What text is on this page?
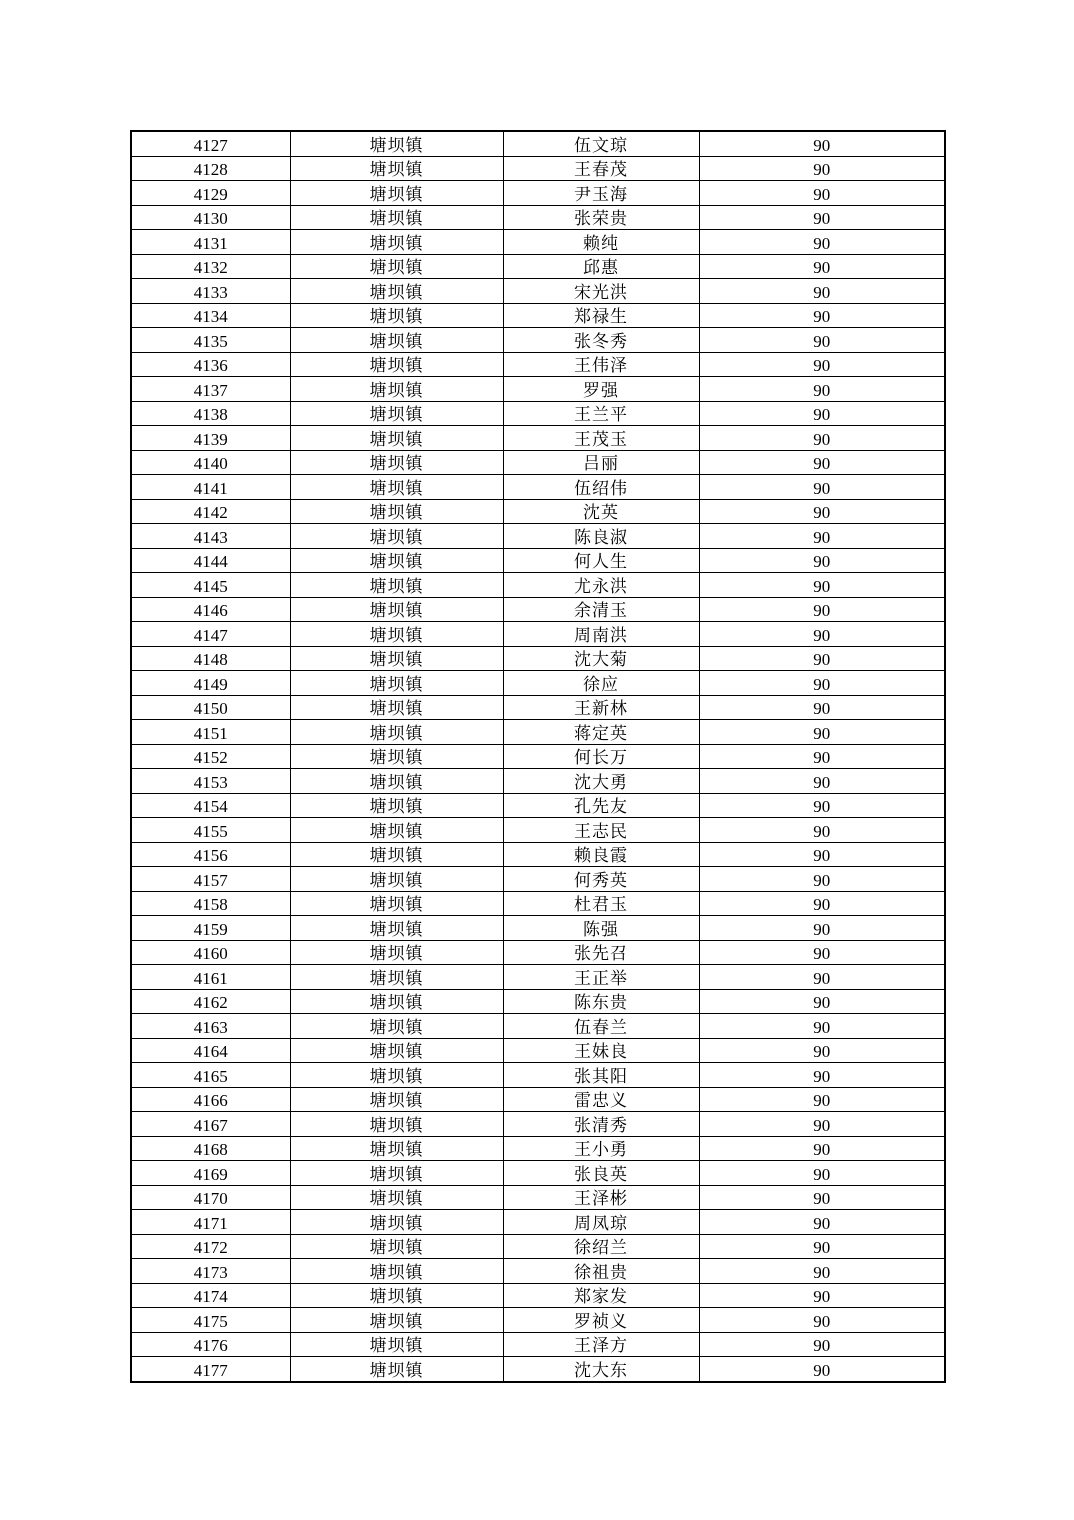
4127	塘坝镇	伍文琼	90
4128	塘坝镇	王春茂	90
4129	塘坝镇	尹玉海	90
4130	塘坝镇	张荣贵	90
4131	塘坝镇	赖纯	90
4132	塘坝镇	邱惠	90
4133	塘坝镇	宋光洪	90
4134	塘坝镇	郑禄生	90
4135	塘坝镇	张冬秀	90
4136	塘坝镇	王伟泽	90
4137	塘坝镇	罗强	90
4138	塘坝镇	王兰平	90
4139	塘坝镇	王茂玉	90
4140	塘坝镇	吕丽	90
4141	塘坝镇	伍绍伟	90
4142	塘坝镇	沈英	90
4143	塘坝镇	陈良淑	90
4144	塘坝镇	何人生	90
4145	塘坝镇	尤永洪	90
4146	塘坝镇	余清玉	90
4147	塘坝镇	周南洪	90
4148	塘坝镇	沈大菊	90
4149	塘坝镇	徐应	90
4150	塘坝镇	王新林	90
4151	塘坝镇	蒋定英	90
4152	塘坝镇	何长万	90
4153	塘坝镇	沈大勇	90
4154	塘坝镇	孔先友	90
4155	塘坝镇	王志民	90
4156	塘坝镇	赖良霞	90
4157	塘坝镇	何秀英	90
4158	塘坝镇	杜君玉	90
4159	塘坝镇	陈强	90
4160	塘坝镇	张先召	90
4161	塘坝镇	王正举	90
4162	塘坝镇	陈东贵	90
4163	塘坝镇	伍春兰	90
4164	塘坝镇	王妹良	90
4165	塘坝镇	张其阳	90
4166	塘坝镇	雷忠义	90
4167	塘坝镇	张清秀	90
4168	塘坝镇	王小勇	90
4169	塘坝镇	张良英	90
4170	塘坝镇	王泽彬	90
4171	塘坝镇	周凤琼	90
4172	塘坝镇	徐绍兰	90
4173	塘坝镇	徐祖贵	90
4174	塘坝镇	郑家发	90
4175	塘坝镇	罗祯义	90
4176	塘坝镇	王泽方	90
4177	塘坝镇	沈大东	90
